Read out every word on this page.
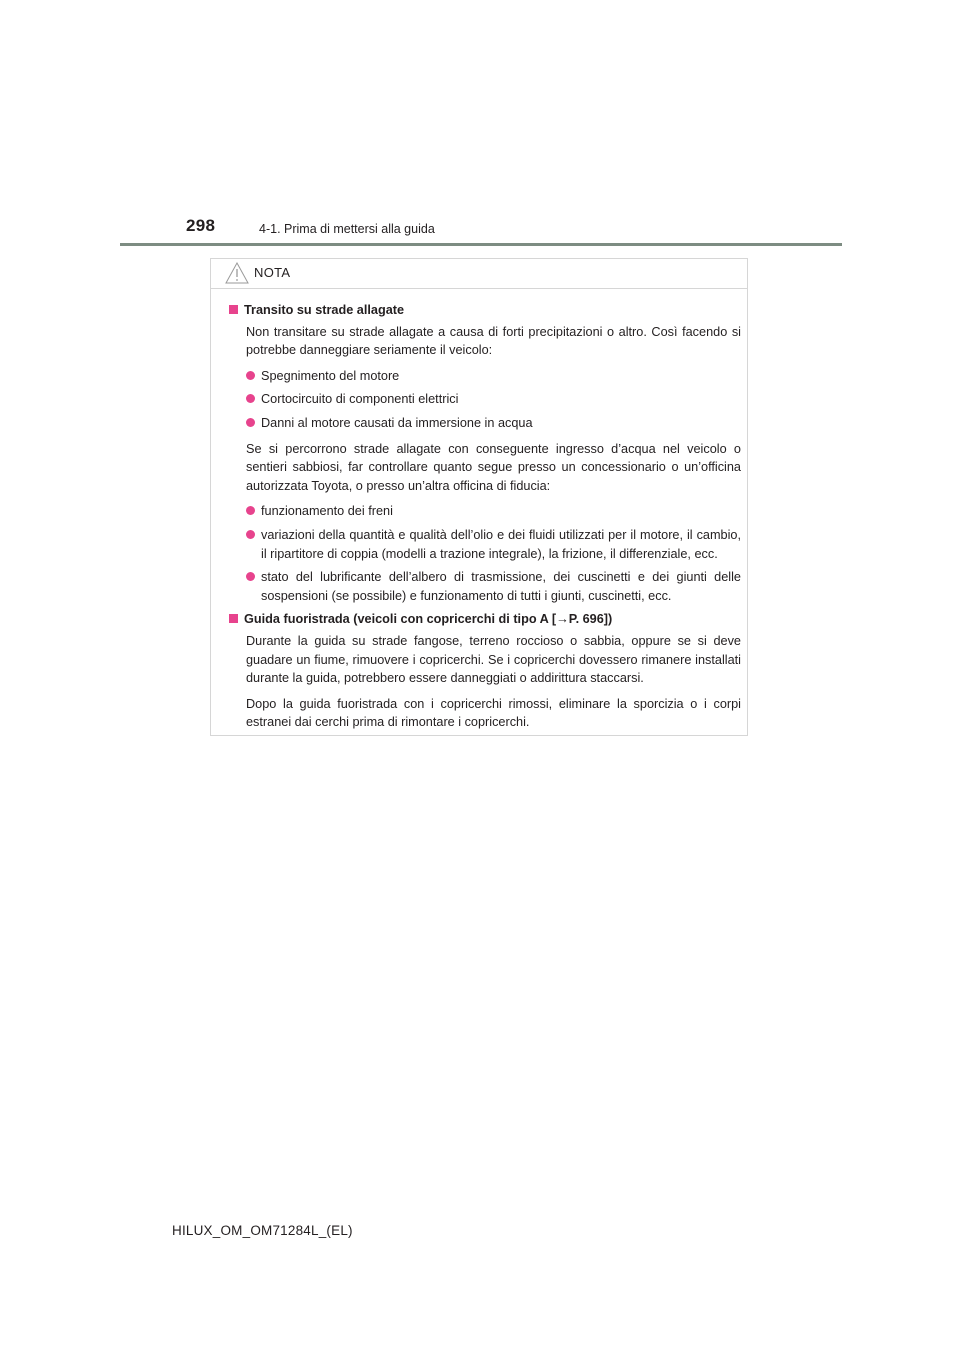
298	4-1. Prima di mettersi alla guida
NOTA
Transito su strade allagate

Non transitare su strade allagate a causa di forti precipitazioni o altro. Così facendo si potrebbe danneggiare seriamente il veicolo:

Spegnimento del motore
Cortocircuito di componenti elettrici
Danni al motore causati da immersione in acqua

Se si percorrono strade allagate con conseguente ingresso d’acqua nel veicolo o sentieri sabbiosi, far controllare quanto segue presso un concessionario o un’officina autorizzata Toyota, o presso un’altra officina di fiducia:

funzionamento dei freni
variazioni della quantità e qualità dell’olio e dei fluidi utilizzati per il motore, il cambio, il ripartitore di coppia (modelli a trazione integrale), la frizione, il differenziale, ecc.
stato del lubrificante dell’albero di trasmissione, dei cuscinetti e dei giunti delle sospensioni (se possibile) e funzionamento di tutti i giunti, cuscinetti, ecc.
Guida fuoristrada (veicoli con copricerchi di tipo A [→P. 696])

Durante la guida su strade fangose, terreno roccioso o sabbia, oppure se si deve guadare un fiume, rimuovere i copricerchi. Se i copricerchi dovessero rimanere installati durante la guida, potrebbero essere danneggiati o addirittura staccarsi.

Dopo la guida fuoristrada con i copricerchi rimossi, eliminare la sporcizia o i corpi estranei dai cerchi prima di rimontare i copricerchi.

HILUX_OM_OM71284L_(EL)
